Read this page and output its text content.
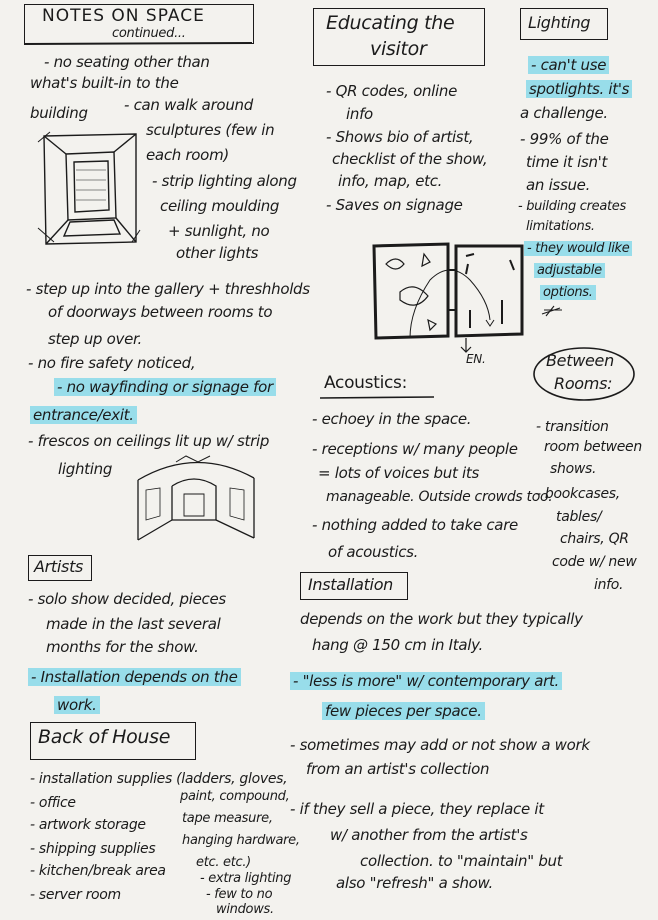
NOTES ON SPACE
continued...
- no seating other than
what's built-in to the
building - can walk around
sculptures (few in
each room)
- strip lighting along
ceiling moulding
+ sunlight, no
other lights
- step up into the gallery + threshholds
of doorways between rooms to
step up over.
- no fire safety noticed,
- no wayfinding or signage for
entrance/exit.
- frescos on ceilings lit up w/ strip
lighting
Educating the
visitor
- QR codes, online
info
- Shows bio of artist,
checklist of the show,
info, map, etc.
- Saves on signage
EN.
Lighting
- can't use
spotlights. it's
a challenge.
- 99% of the
time it isn't
an issue.
- building creates
limitations.
- they would like
adjustable
options.
Acoustics:
- echoey in the space.
- receptions w/ many people
= lots of voices but its
manageable. Outside crowds too.
- nothing added to take care
of acoustics.
Between
Rooms:
- transition
room between
shows.
- bookcases,
tables/
chairs, QR
code w/ new
info.
Artists
- solo show decided, pieces
made in the last several
months for the show.
- Installation depends on the
work.
Installation
depends on the work but they typically
hang @ 150 cm in Italy.
- "less is more" w/ contemporary art.
few pieces per space.
- sometimes may add or not show a work
from an artist's collection
- if they sell a piece, they replace it
w/ another from the artist's
collection. to "maintain" but
also "refresh" a show.
Back of House
- installation supplies (ladders, gloves,
- office	paint, compound,
- artwork storage	tape measure,
- shipping supplies
hanging hardware,
- kitchen/break area
etc. etc.)
- server room
- extra lighting
- few to no
windows.
